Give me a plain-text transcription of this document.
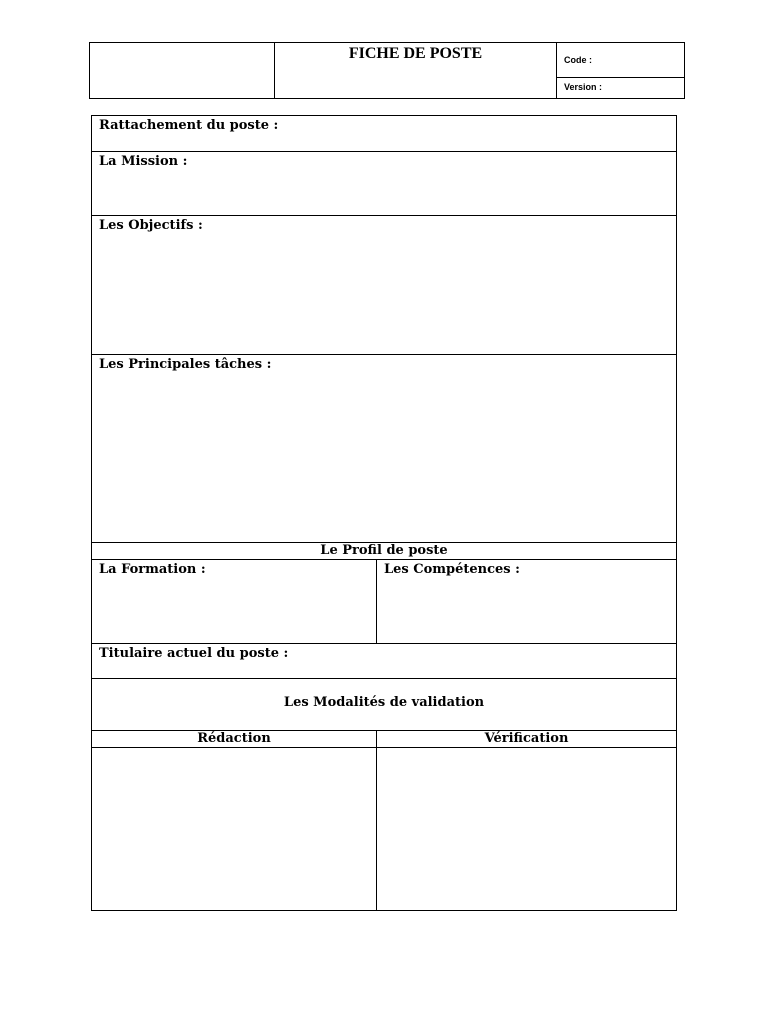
FICHE DE POSTE	Code :
Version :
Rattachement du poste :
La Mission :
Les Objectifs :
Les Principales tâches :
Le Profil de poste
La Formation :	Les Compétences :
Titulaire actuel du poste :
Les Modalités de validation
Rédaction	Vérification
